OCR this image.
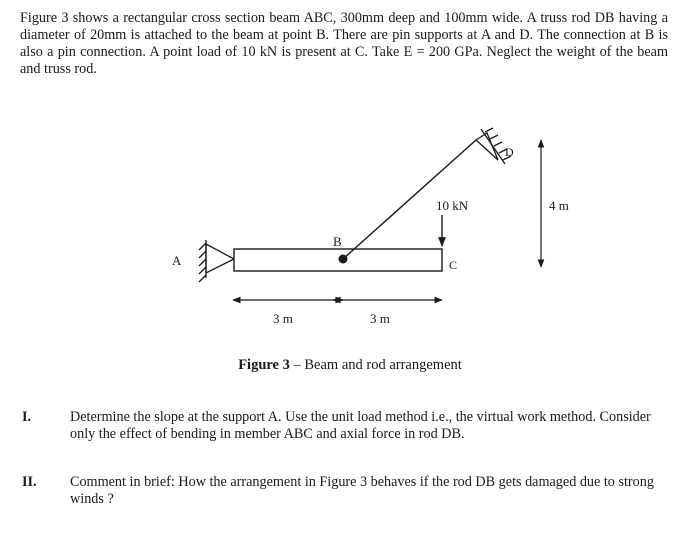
Figure 3 shows a rectangular cross section beam ABC, 300mm deep and 100mm wide. A truss rod DB having a diameter of 20mm is attached to the beam at point B. There are pin supports at A and D. The connection at B is also a pin connection. A point load of 10 kN is present at C. Take E = 200 GPa. Neglect the weight of the beam and truss rod.

A
B
C
D
10 kN	4 m
3 m	3 m
Figure 3 – Beam and rod arrangement
I.	Determine the slope at the support A. Use the unit load method i.e., the virtual work method. Consider only the effect of bending in member ABC and axial force in rod DB.
II.	Comment in brief: How the arrangement in Figure 3 behaves if the rod DB gets damaged due to strong winds ?
